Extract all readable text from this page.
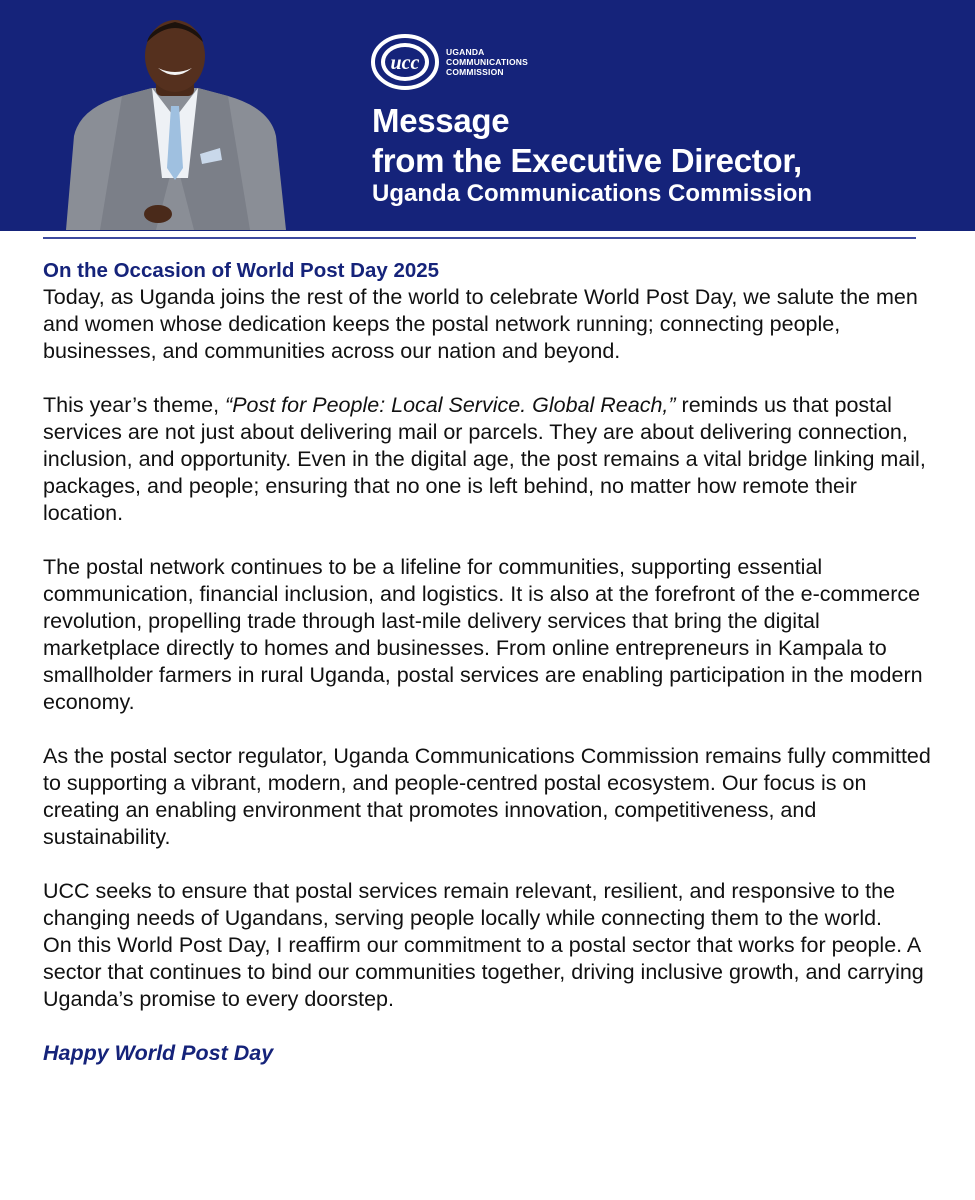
ucc	UGANDA
COMMUNICATIONS
COMMISSION
Message
from the Executive Director,
Uganda Communications Commission
On the Occasion of World Post Day 2025

Today, as Uganda joins the rest of the world to celebrate World Post Day, we salute the men and women whose dedication keeps the postal network running; connecting people, businesses, and communities across our nation and beyond.

This year’s theme, “Post for People: Local Service. Global Reach,” reminds us that postal services are not just about delivering mail or parcels. They are about delivering connection, inclusion, and opportunity. Even in the digital age, the post remains a vital bridge linking mail, packages, and people; ensuring that no one is left behind, no matter how remote their location.

The postal network continues to be a lifeline for communities, supporting essential communication, financial inclusion, and logistics. It is also at the forefront of the e-commerce revolution, propelling trade through last-mile delivery services that bring the digital marketplace directly to homes and businesses. From online entrepreneurs in Kampala to smallholder farmers in rural Uganda, postal services are enabling participation in the modern economy.

As the postal sector regulator, Uganda Communications Commission remains fully committed to supporting a vibrant, modern, and people-centred postal ecosystem. Our focus is on creating an enabling environment that promotes innovation, competitiveness, and sustainability.

UCC seeks to ensure that postal services remain relevant, resilient, and responsive to the changing needs of Ugandans, serving people locally while connecting them to the world.

On this World Post Day, I reaffirm our commitment to a postal sector that works for people. A sector that continues to bind our communities together, driving inclusive growth, and carrying Uganda’s promise to every doorstep.

Happy World Post Day
